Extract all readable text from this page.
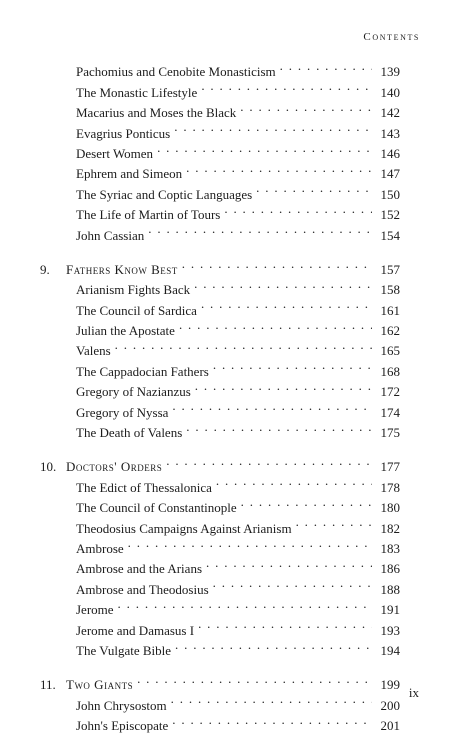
Contents
Pachomius and Cenobite Monasticism . . .	139
The Monastic Lifestyle . . .	140
Macarius and Moses the Black . . .	142
Evagrius Ponticus . . .	143
Desert Women . . .	146
Ephrem and Simeon . . .	147
The Syriac and Coptic Languages . . .	150
The Life of Martin of Tours . . .	152
John Cassian . . .	154
9. Fathers Know Best . . .	157
Arianism Fights Back . . .	158
The Council of Sardica . . .	161
Julian the Apostate . . .	162
Valens . . .	165
The Cappadocian Fathers . . .	168
Gregory of Nazianzus . . .	172
Gregory of Nyssa . . .	174
The Death of Valens . . .	175
10. Doctors' Orders . . .	177
The Edict of Thessalonica . . .	178
The Council of Constantinople . . .	180
Theodosius Campaigns Against Arianism . . .	182
Ambrose . . .	183
Ambrose and the Arians . . .	186
Ambrose and Theodosius . . .	188
Jerome . . .	191
Jerome and Damasus I . . .	193
The Vulgate Bible . . .	194
11. Two Giants . . .	199
John Chrysostom . . .	200
John's Episcopate . . .	201
ix
